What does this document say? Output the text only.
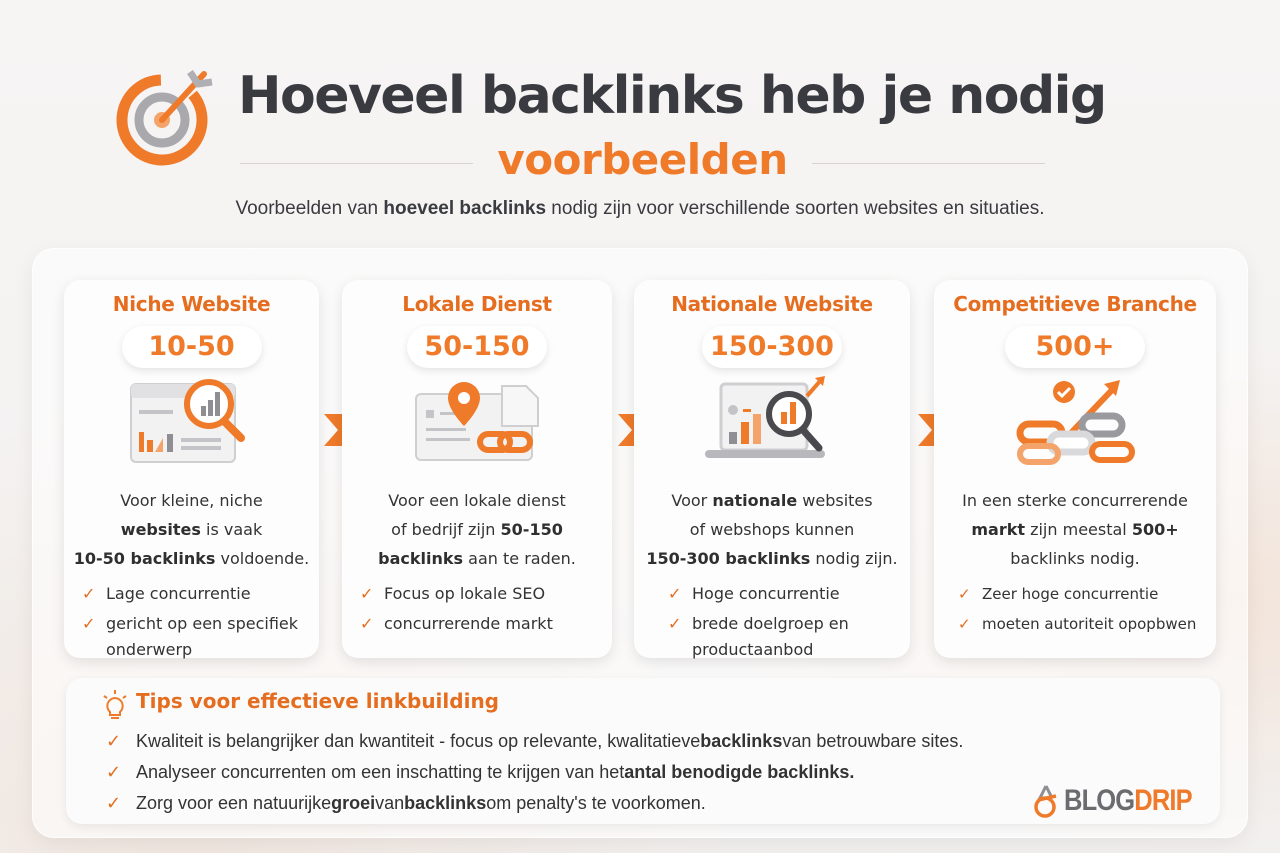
Hoeveel backlinks heb je nodig
voorbeelden
Voorbeelden van hoeveel backlinks nodig zijn voor verschillende soorten websites en situaties.
Niche Website
10-50
Voor kleine, niche
websites is vaak
10-50 backlinks voldoende.
✓ Lage concurrentie
✓ gericht op een specifiek onderwerp
Lokale Dienst
50-150
Voor een lokale dienst
of bedrijf zijn 50-150
backlinks aan te raden.
✓ Focus op lokale SEO
✓ concurrerende markt
Nationale Website
150-300
Voor nationale websites
of webshops kunnen
150-300 backlinks nodig zijn.
✓ Hoge concurrentie
✓ brede doelgroep en productaanbod
Competitieve Branche
500+
In een sterke concurrerende
markt zijn meestal 500+
backlinks nodig.
✓ Zeer hoge concurrentie
✓ moeten autoriteit opopbwen
Tips voor effectieve linkbuilding
✓ Kwaliteit is belangrijker dan kwantiteit - focus op relevante, kwalitatieve backlinks van betrouwbare sites.
✓ Analyseer concurrenten om een inschatting te krijgen van het antal benodigde backlinks.
✓ Zorg voor een natuurijke groei van backlinks om penalty's te voorkomen.	BLOGDRIP
